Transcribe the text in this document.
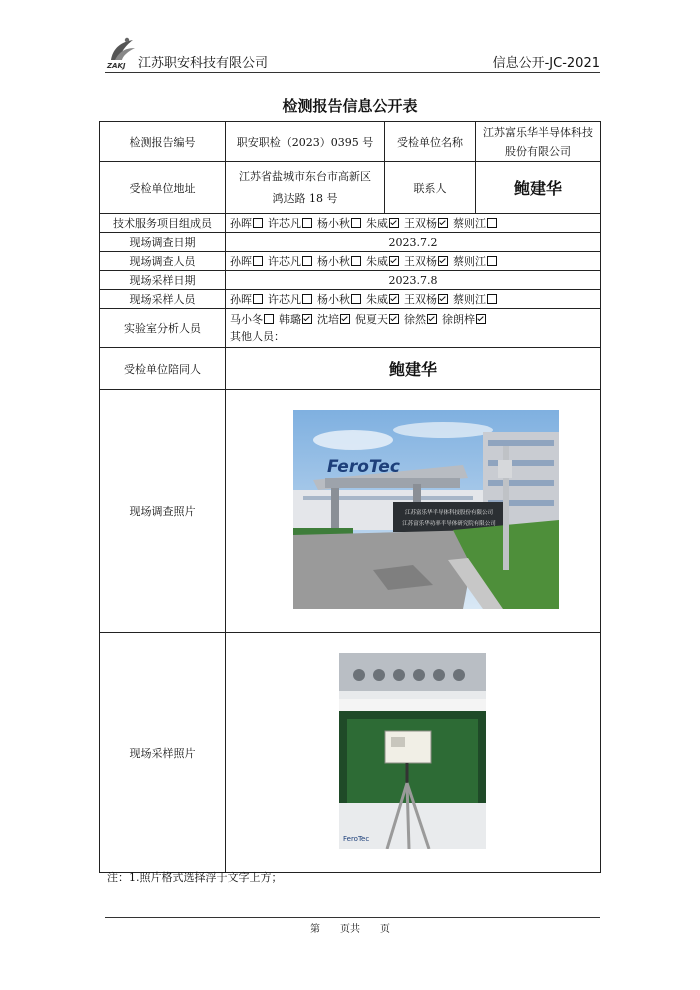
ZAKJ 江苏职安科技有限公司	信息公开-JC-2021
检测报告信息公开表
检测报告编号	职安职检（2023）0395 号	受检单位名称	江苏富乐华半导体科技股份有限公司
受检单位地址	江苏省盐城市东台市高新区鸿达路 18 号	联系人	鲍建华
技术服务项目组成员	孙晖 许芯凡 杨小秋 朱威 王双杨 蔡则江		
现场调查日期	2023.7.2		
现场调查人员	孙晖 许芯凡 杨小秋 朱威 王双杨 蔡则江		
现场采样日期	2023.7.8		
现场采样人员	孙晖 许芯凡 杨小秋 朱威 王双杨 蔡则江		
实验室分析人员	马小冬 韩璐 沈培 倪夏天 徐然 徐朗梓
其他人员：		

受检单位陪同人	鲍建华		
现场调查照片	FeroTec
江苏富乐华半导体科技股份有限公司
江苏富乐华功率半导体研究院有限公司		

现场采样照片	FeroTec		
注：1.照片格式选择浮于文字上方；
第　　页共　　页
